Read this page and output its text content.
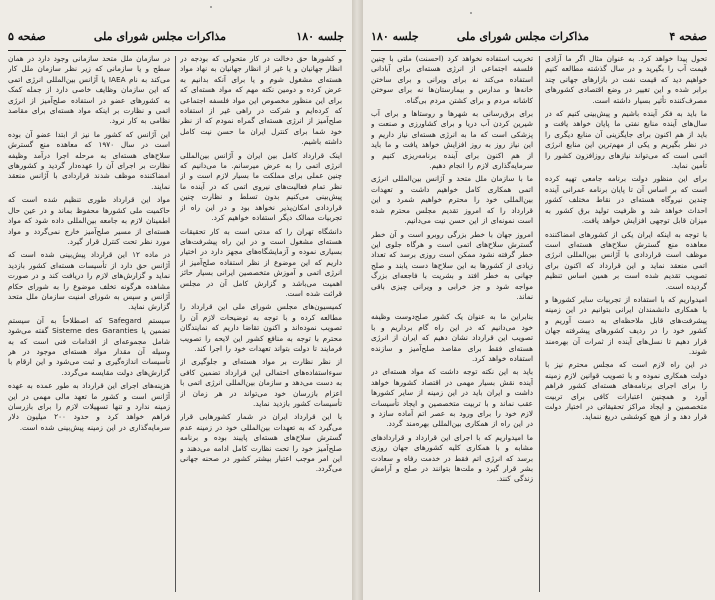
جلسه ۱۸۰
مذاکرات مجلس شورای ملی
صفحه ۵

و کشورها حق دخالت در کار متحولی که بودجه در انظار جهانیان و یا غیر از انظار جهانیان به نهاد مواد هسته‌ای مشغول شوم و یا برای آنکه بدانیم به عرض کرده و دومین نکته مهم که مواد هسته‌ای که برای این منظور مخصوص این مواد فلسفه اجتماعی که کرده‌ایم و شرکت در راهی غیر از استفاده صلح‌آمیز از انرژی هسته‌ای گمراه نمودم که از نظر خود شما برای کنترل ایران ما حسن نیت کامل داشته باشیم.

اینک قرارداد کامل بین ایران و آژانس بین‌المللی انرژی اتمی را به عرض میرسانم. ما می‌دانیم که چنین عملی برای مملکت ما بسیار لازم است و از نظر تمام فعالیت‌های نیروی اتمی که در آینده ما پیش‌بینی می‌کنیم بدون تسلط و نظارت چنین قراردادی امکان‌پذیر نخواهد بود و در این راه از تجربیات ممالک دیگر استفاده خواهیم کرد.

دانشگاه تهران را که مدتی است به کار تحقیقات هسته‌ای مشغول است و در این راه پیشرفت‌های بسیاری نموده و آزمایشگاه‌های مجهز دارد در اختیار داریم که این موضوع از نظر استفاده صلح‌آمیز از انرژی اتمی و آموزش متخصصین ایرانی بسیار حائز اهمیت می‌باشد و گزارش کامل آن در مجلس قرائت شده است.

کمیسیون‌های مجلس شورای ملی این قرارداد را مطالعه کرده و با توجه به توضیحات لازم آن را تصویب نموده‌اند و اکنون تقاضا داریم که نمایندگان محترم با توجه به منافع کشور این لایحه را تصویب فرمایند تا دولت بتواند تعهدات خود را اجرا کند.

از نظر نظارت بر مواد هسته‌ای و جلوگیری از سوءاستفاده‌های احتمالی این قرارداد تضمین کافی به دست می‌دهد و سازمان بین‌المللی انرژی اتمی با اعزام بازرسان خود می‌تواند در هر زمان از تأسیسات کشور بازدید نماید.

با این قرارداد ایران در شمار کشورهایی قرار می‌گیرد که به تعهدات بین‌المللی خود در زمینه عدم گسترش سلاح‌های هسته‌ای پایبند بوده و برنامه صلح‌آمیز خود را تحت نظارت کامل ادامه می‌دهند و این امر موجب اعتبار بیشتر کشور در صحنه جهانی می‌گردد.

در سازمان ملل متحد سازمانی وجود دارد در همان سطح و یا سازمانی که زیر نظر سازمان ملل کار می‌کند به نام IAEA یا آژانس بین‌المللی انرژی اتمی که این سازمان وظایف خاصی دارد از جمله کمک به کشورهای عضو در استفاده صلح‌آمیز از انرژی اتمی و نظارت بر اینکه مواد هسته‌ای برای مقاصد نظامی به کار نرود.

این آژانس که کشور ما نیز از ابتدا عضو آن بوده است در سال ۱۹۷۰ که معاهده منع گسترش سلاح‌های هسته‌ای به مرحله اجرا درآمد وظیفه نظارت بر اجرای آن را عهده‌دار گردید و کشورهای امضاکننده موظف شدند قراردادی با آژانس منعقد نمایند.

مواد این قرارداد طوری تنظیم شده است که حاکمیت ملی کشورها محفوظ بماند و در عین حال اطمینان لازم به جامعه بین‌المللی داده شود که مواد هسته‌ای از مسیر صلح‌آمیز خارج نمی‌گردد و مواد مورد نظر تحت کنترل قرار گیرد.

در ماده ۱۲ این قرارداد پیش‌بینی شده است که آژانس حق دارد از تأسیسات هسته‌ای کشور بازدید نماید و گزارش‌های لازم را دریافت کند و در صورت مشاهده هرگونه تخلف موضوع را به شورای حکام آژانس و سپس به شورای امنیت سازمان ملل متحد گزارش نماید.

سیستم Safegard که اصطلاحاً به آن سیستم تضمین یا Sisteme des Garanties گفته می‌شود شامل مجموعه‌ای از اقدامات فنی است که به وسیله آن مقدار مواد هسته‌ای موجود در هر تأسیسات اندازه‌گیری و ثبت می‌شود و این ارقام با گزارش‌های دولت مقایسه می‌گردد.

هزینه‌های اجرای این قرارداد به طور عمده به عهده آژانس است و کشور ما تعهد مالی مهمی در این زمینه ندارد و تنها تسهیلات لازم را برای بازرسان فراهم خواهد کرد و حدود ۲۰۰ میلیون دلار سرمایه‌گذاری در این زمینه پیش‌بینی شده است.

صفحه ۴
مذاکرات مجلس شورای ملی
جلسه ۱۸۰

تحول پیدا خواهد کرد. به عنوان مثال اگر ما آزادی قیمت آب را بگیرید و در سال گذشته مطالعه کنیم خواهیم دید که قیمت نفت در بازارهای جهانی چند برابر شده و این تغییر در وضع اقتصادی کشورهای مصرف‌کننده تأثیر بسیار داشته است.

ما باید به فکر آینده باشیم و پیش‌بینی کنیم که در سال‌های آینده منابع نفتی ما پایان خواهد یافت و باید از هم اکنون برای جایگزینی آن منابع دیگری را در نظر بگیریم و یکی از مهم‌ترین این منابع انرژی اتمی است که می‌تواند نیازهای روزافزون کشور را تأمین نماید.

برای این منظور دولت برنامه جامعی تهیه کرده است که بر اساس آن تا پایان برنامه عمرانی آینده چندین نیروگاه هسته‌ای در نقاط مختلف کشور احداث خواهد شد و ظرفیت تولید برق کشور به میزان قابل توجهی افزایش خواهد یافت.

با توجه به اینکه ایران یکی از کشورهای امضاکننده معاهده منع گسترش سلاح‌های هسته‌ای است موظف است قراردادی با آژانس بین‌المللی انرژی اتمی منعقد نماید و این قرارداد که اکنون برای تصویب تقدیم شده است بر همین اساس تنظیم گردیده است.

امیدواریم که با استفاده از تجربیات سایر کشورها و با همکاری دانشمندان ایرانی بتوانیم در این زمینه پیشرفت‌های قابل ملاحظه‌ای به دست آوریم و کشور خود را در ردیف کشورهای پیشرفته جهان قرار دهیم تا نسل‌های آینده از ثمرات آن بهره‌مند شوند.

در این راه لازم است که مجلس محترم نیز با دولت همکاری نموده و با تصویب قوانین لازم زمینه را برای اجرای برنامه‌های هسته‌ای کشور فراهم آورد و همچنین اعتبارات کافی برای تربیت متخصصین و ایجاد مراکز تحقیقاتی در اختیار دولت قرار دهد و از هیچ کوششی دریغ ننماید.

تخریب استفاده نخواهد کرد (احسنت) ملتی با چنین فلسفه اجتماعی از انرژی هسته‌ای برای آبادانی استفاده می‌کند نه برای ویرانی و برای ساختن خانه‌ها و مدارس و بیمارستان‌ها نه برای سوختن کاشانه مردم و برای کشتن مردم بی‌گناه.

برای برق‌رسانی به شهرها و روستاها و برای آب شیرین کردن آب دریا و برای کشاورزی و صنعت و پزشکی است که ما به انرژی هسته‌ای نیاز داریم و این نیاز روز به روز افزایش خواهد یافت و ما باید از هم اکنون برای آینده برنامه‌ریزی کنیم و سرمایه‌گذاری لازم را انجام دهیم.

ما با سازمان ملل متحد و آژانس بین‌المللی انرژی اتمی همکاری کامل خواهیم داشت و تعهدات بین‌المللی خود را محترم خواهیم شمرد و این قرارداد را که امروز تقدیم مجلس محترم شده است نمونه‌ای از این حسن نیت می‌دانیم.

امروز جهان با خطر بزرگی روبرو است و آن خطر گسترش سلاح‌های اتمی است و هرگاه جلوی این خطر گرفته نشود ممکن است روزی برسد که تعداد زیادی از کشورها به این سلاح‌ها دست یابند و صلح جهانی به خطر افتد و بشریت با فاجعه‌ای بزرگ مواجه شود و جز خرابی و ویرانی چیزی باقی نماند.

بنابراین ما به عنوان یک کشور صلح‌دوست وظیفه خود می‌دانیم که در این راه گام برداریم و با تصویب این قرارداد نشان دهیم که ایران از انرژی هسته‌ای فقط برای مقاصد صلح‌آمیز و سازنده استفاده خواهد کرد.

باید به این نکته توجه داشت که مواد هسته‌ای در آینده نقش بسیار مهمی در اقتصاد کشورها خواهد داشت و ایران باید در این زمینه از سایر کشورها عقب نماند و با تربیت متخصصین و ایجاد تأسیسات لازم خود را برای ورود به عصر اتم آماده سازد و در این راه از همکاری بین‌المللی بهره‌مند گردد.

ما امیدواریم که با اجرای این قرارداد و قراردادهای مشابه و با همکاری کلیه کشورهای جهان روزی برسد که انرژی اتم فقط در خدمت رفاه و سعادت بشر قرار گیرد و ملت‌ها بتوانند در صلح و آرامش زندگی کنند.
